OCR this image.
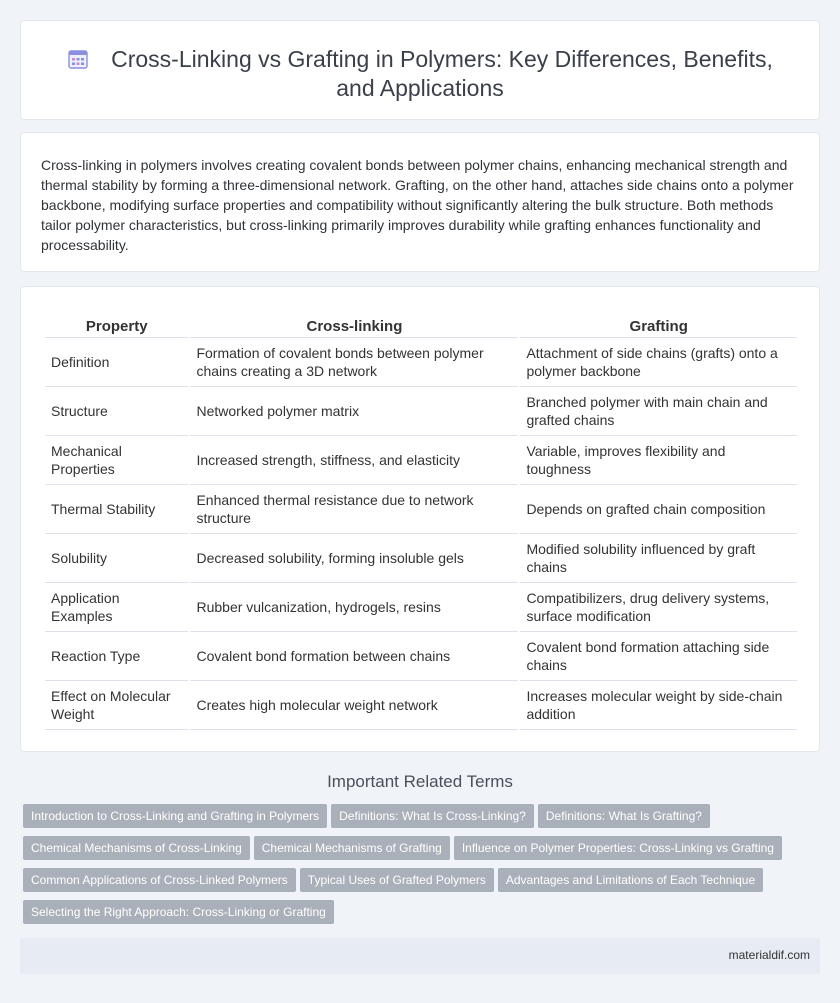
Cross-Linking vs Grafting in Polymers: Key Differences, Benefits, and Applications

Cross-linking in polymers involves creating covalent bonds between polymer chains, enhancing mechanical strength and thermal stability by forming a three-dimensional network. Grafting, on the other hand, attaches side chains onto a polymer backbone, modifying surface properties and compatibility without significantly altering the bulk structure. Both methods tailor polymer characteristics, but cross-linking primarily improves durability while grafting enhances functionality and processability.

Property	Cross-linking	Grafting
Definition	Formation of covalent bonds between polymer chains creating a 3D network	Attachment of side chains (grafts) onto a polymer backbone
Structure	Networked polymer matrix	Branched polymer with main chain and grafted chains
Mechanical Properties	Increased strength, stiffness, and elasticity	Variable, improves flexibility and toughness
Thermal Stability	Enhanced thermal resistance due to network structure	Depends on grafted chain composition
Solubility	Decreased solubility, forming insoluble gels	Modified solubility influenced by graft chains
Application Examples	Rubber vulcanization, hydrogels, resins	Compatibilizers, drug delivery systems, surface modification
Reaction Type	Covalent bond formation between chains	Covalent bond formation attaching side chains
Effect on Molecular Weight	Creates high molecular weight network	Increases molecular weight by side-chain addition
Important Related Terms
Introduction to Cross-Linking and Grafting in Polymers Definitions: What Is Cross-Linking? Definitions: What Is Grafting?
Chemical Mechanisms of Cross-Linking Chemical Mechanisms of Grafting Influence on Polymer Properties: Cross-Linking vs Grafting
Common Applications of Cross-Linked Polymers Typical Uses of Grafted Polymers Advantages and Limitations of Each Technique
Selecting the Right Approach: Cross-Linking or Grafting
materialdif.com
